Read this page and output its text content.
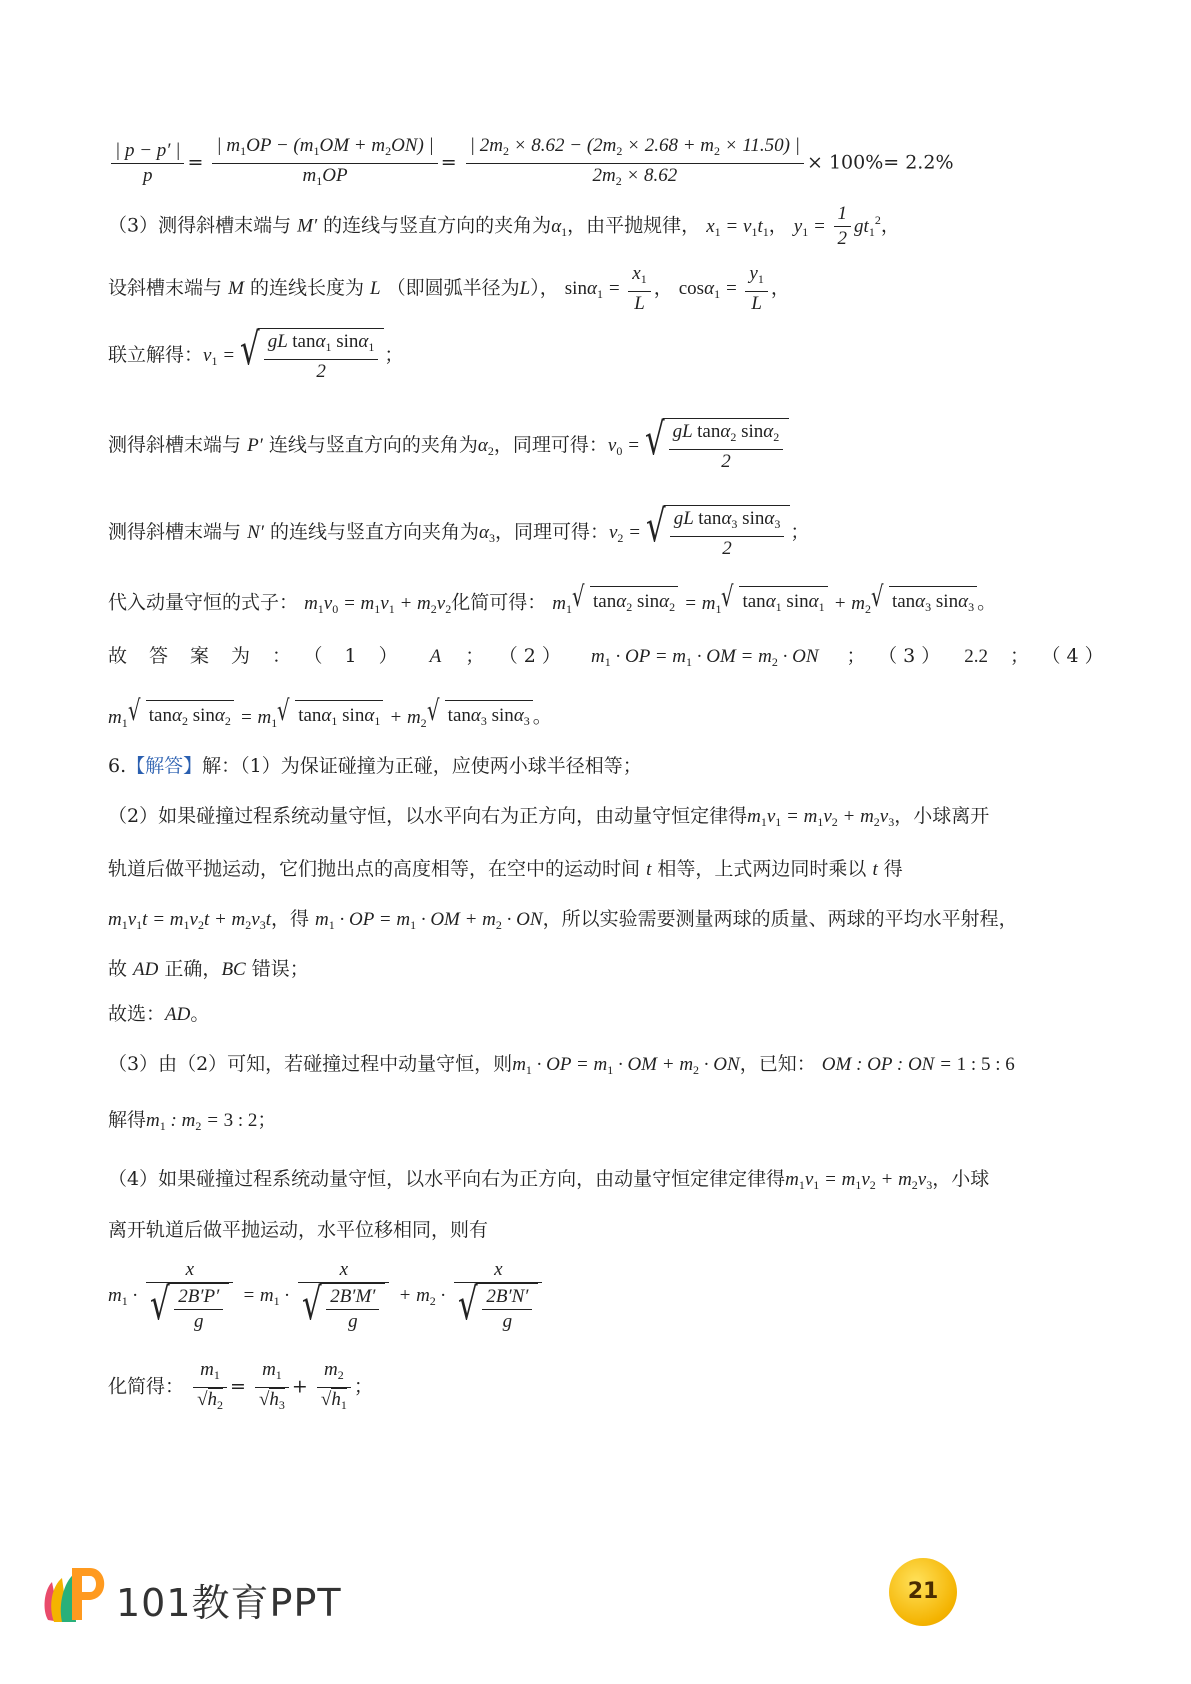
$\frac{| p - p' |}{p} = \frac{| m_1OP - (m_1OM + m_2ON) |}{m_1OP} = \frac{| 2m_2 \times 8.62 - (2m_2 \times 2.68 + m_2 \times 11.50) |}{2m_2 \times 8.62} \times 100\%= 2.2\%$
（3）测得斜槽末端与 M′ 的连线与竖直方向的夹角为$\alpha_1$，由平抛规律， $x_1 = v_1t_1$， $y_1 = \frac{1}{2} gt_1^2$，
设斜槽末端与 M 的连线长度为 L （即圆弧半径为L）， $\sin\alpha_1 = \frac{x_1}{L}$ ， $\cos\alpha_1 = \frac{y_1}{L}$ ，
联立解得：$v_1$ = √ $\frac{gL \tan\alpha_1 \sin\alpha_1}{2}$ ；
测得斜槽末端与 P′ 连线与竖直方向的夹角为$\alpha_2$，同理可得：$v_0$ = √ $\frac{gL \tan\alpha_2 \sin\alpha_2}{2}$
测得斜槽末端与 N′ 的连线与竖直方向夹角为$\alpha_3$，同理可得：$v_2$ = √ $\frac{gL \tan\alpha_3 \sin\alpha_3}{2}$ ；
代入动量守恒的式子： $m_1v_0 = m_1v_1 + m_2v_2$化简可得： $m_1$ √ tanα$_2$ $\sin\alpha_2 = m_1$ √ tanα$_1$ $\sin\alpha_1 + m_2$ √ tanα$_3$ sinα$_3$ 。
故答案为：（1） A ； （ 2 ） $m_1$ · OP = $m_1$ · OM = $m_2$ · ON ； （ 3 ） 2.2 ； （ 4 ）
$m_1$ √ tanα$_2$ $\sin\alpha_2 = m_1$ √ tanα$_1$ $\sin\alpha_1 + m_2$ √ tanα$_3$ sinα$_3$ 。
6.【解答】解：（1）为保证碰撞为正碰，应使两小球半径相等；
（2）如果碰撞过程系统动量守恒，以水平向右为正方向，由动量守恒定律得$m_1v_1 = m_1v_2 + m_2v_3$，小球离开
轨道后做平抛运动，它们抛出点的高度相等，在空中的运动时间 t 相等，上式两边同时乘以 t 得
$m_1v_1t = m_1v_2t + m_2v_3t$，得 $m_1$ · OP = $m_1$ · OM + $m_2$ · ON，所以实验需要测量两球的质量、两球的平均水平射程，
故 AD 正确，BC 错误；
故选：AD。
（3）由（2）可知，若碰撞过程中动量守恒，则$m_1$ · OP = $m_1$ · OM + $m_2$ · ON，已知： OM : OP : ON = 1 : 5 : 6
解得$m_1$ : $m_2 = 3$ : 2；
（4）如果碰撞过程系统动量守恒，以水平向右为正方向，由动量守恒定律定律得$m_1v_1 = m_1v_2 + m_2v_3$，小球
离开轨道后做平抛运动，水平位移相同，则有
$m_1 \cdot \frac{x}{√ \frac{2B'P'}{g}} = m_1 \cdot \frac{x}{√ \frac{2B'M'}{g}} + m_2 \cdot \frac{x}{√ \frac{2B'N'}{g}}$
化简得： $\frac{m_1}{√h_2} = \frac{m_1}{√h_3} + \frac{m_2}{√h_1}$ ；
101教育PPT	21
